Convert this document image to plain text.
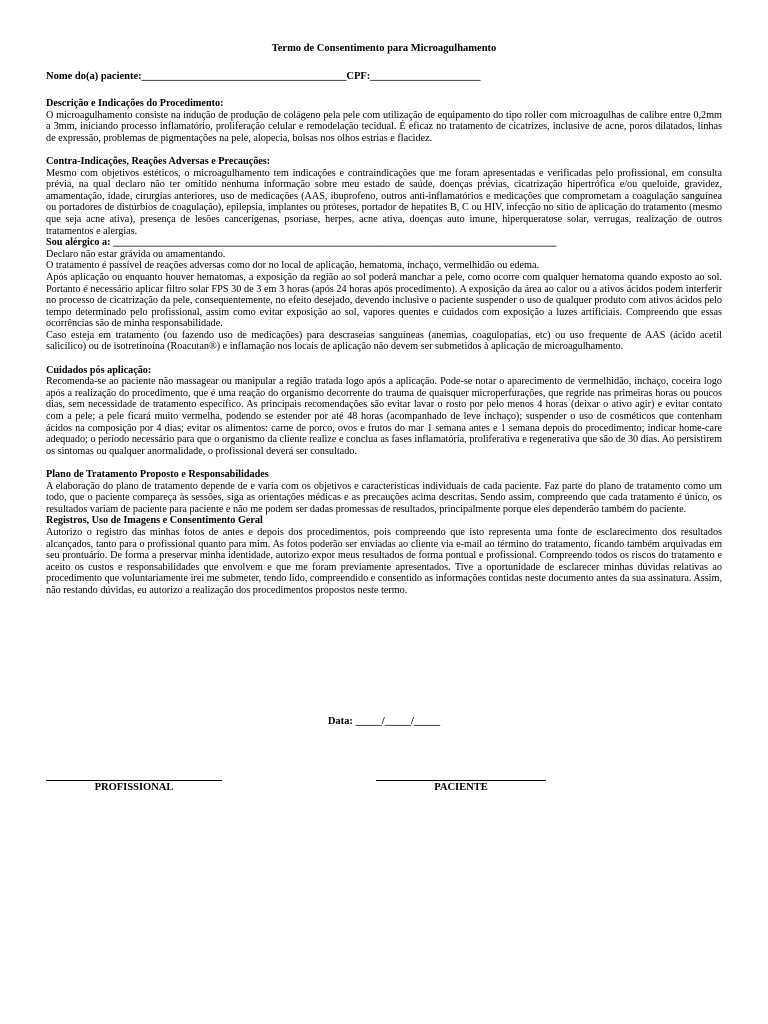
Termo de Consentimento para Microagulhamento
Nome do(a) paciente:_______________________________________CPF:_____________________
Descrição e Indicações do Procedimento:

O microagulhamento consiste na indução de produção de colágeno pela pele com utilização de equipamento do tipo roller com microagulhas de calibre entre 0,2mm a 3mm, iniciando processo inflamatório, proliferação celular e remodelação tecidual. É eficaz no tratamento de cicatrizes, inclusive de acne, poros dilatados, linhas de expressão, problemas de pigmentações na pele, alopecia, bolsas nos olhos estrias e flacidez.

Contra-Indicações, Reações Adversas e Precauções:

Mesmo com objetivos estéticos, o microagulhamento tem indicações e contraindicações que me foram apresentadas e verificadas pelo profissional, em consulta prévia, na qual declaro não ter omitido nenhuma informação sobre meu estado de saúde, doenças prévias, cicatrização hipertrófica e/ou queloide, gravidez, amamentação, idade, cirurgias anteriores, uso de medicações (AAS, ibuprofeno, outros anti-inflamatórios e medicações que comprometam a coagulação sanguínea ou portadores de distúrbios de coagulação), epilepsia, implantes ou próteses, portador de hepatites B, C ou HIV, infecção no sítio de aplicação do tratamento (mesmo que seja acne ativa), presença de lesões cancerígenas, psoríase, herpes, acne ativa, doenças auto imune, hiperqueratose solar, verrugas, realização de outros tratamentos e alergias.

Sou alérgico a: _______________________________________________________________________________________

Declaro não estar grávida ou amamentando.

O tratamento é passível de reações adversas como dor no local de aplicação, hematoma, inchaço, vermelhidão ou edema.

Após aplicação ou enquanto houver hematomas, a exposição da região ao sol poderá manchar a pele, como ocorre com qualquer hematoma quando exposto ao sol. Portanto é necessário aplicar filtro solar FPS 30 de 3 em 3 horas (após 24 horas após procedimento). A exposição da área ao calor ou a ativos ácidos podem interferir no processo de cicatrização da pele, consequentemente, no efeito desejado, devendo inclusive o paciente suspender o uso de qualquer produto com ativos ácidos pelo tempo determinado pelo profissional, assim como evitar exposição ao sol, vapores quentes e cuidados com exposição a luzes artificiais. Compreendo que essas ocorrências são de minha responsabilidade.

Caso esteja em tratamento (ou fazendo uso de medicações) para descraseias sanguíneas (anemias, coagulopatias, etc) ou uso frequente de AAS (ácido acetil salicílico) ou de isotretinoína (Roacutan®) e inflamação nos locais de aplicação não devem ser submetidos à aplicação de microagulhamento.

Cuidados pós aplicação:

Recomenda-se ao paciente não massagear ou manipular a região tratada logo após a aplicação. Pode-se notar o aparecimento de vermelhidão, inchaço, coceira logo após a realização do procedimento, que é uma reação do organismo decorrente do trauma de quaisquer microperfurações, que regride nas primeiras horas ou poucos dias, sem necessidade de tratamento específico. As principais recomendações são evitar lavar o rosto por pelo menos 4 horas (deixar o ativo agir) e evitar contato com a pele; a pele ficará muito vermelha, podendo se estender por até 48 horas (acompanhado de leve inchaço); suspender o uso de cosméticos que contenham ácidos na composição por 4 dias; evitar os alimentos: carne de porco, ovos e frutos do mar 1 semana antes e 1 semana depois do procedimento; indicar home-care adequado; o período necessário para que o organismo da cliente realize e conclua as fases inflamatória, proliferativa e regenerativa que são de 30 dias. Ao persistirem os sintomas ou qualquer anormalidade, o profissional deverá ser consultado.

Plano de Tratamento Proposto e Responsabilidades

A elaboração do plano de tratamento depende de e varia com os objetivos e características individuais de cada paciente. Faz parte do plano de tratamento como um todo, que o paciente compareça às sessões, siga as orientações médicas e as precauções acima descritas. Sendo assim, compreendo que cada tratamento é único, os resultados variam de paciente para paciente e não me podem ser dadas promessas de resultados, principalmente porque eles dependerão também do paciente.

Registros, Uso de Imagens e Consentimento Geral

Autorizo o registro das minhas fotos de antes e depois dos procedimentos, pois compreendo que isto representa uma fonte de esclarecimento dos resultados alcançados, tanto para o profissional quanto para mim. As fotos poderão ser enviadas ao cliente via e-mail ao término do tratamento, ficando também arquivadas em seu prontuário. De forma a preservar minha identidade, autorizo expor meus resultados de forma pontual e profissional. Compreendo todos os riscos do tratamento e aceito os custos e responsabilidades que envolvem e que me foram previamente apresentados. Tive a oportunidade de esclarecer minhas dúvidas relativas ao procedimento que voluntariamente irei me submeter, tendo lido, compreendido e consentido as informações contidas neste documento antes da sua assinatura. Assim, não restando dúvidas, eu autorizo a realização dos procedimentos propostos neste termo.

Data: _____/_____/_____
PROFISSIONAL	PACIENTE
